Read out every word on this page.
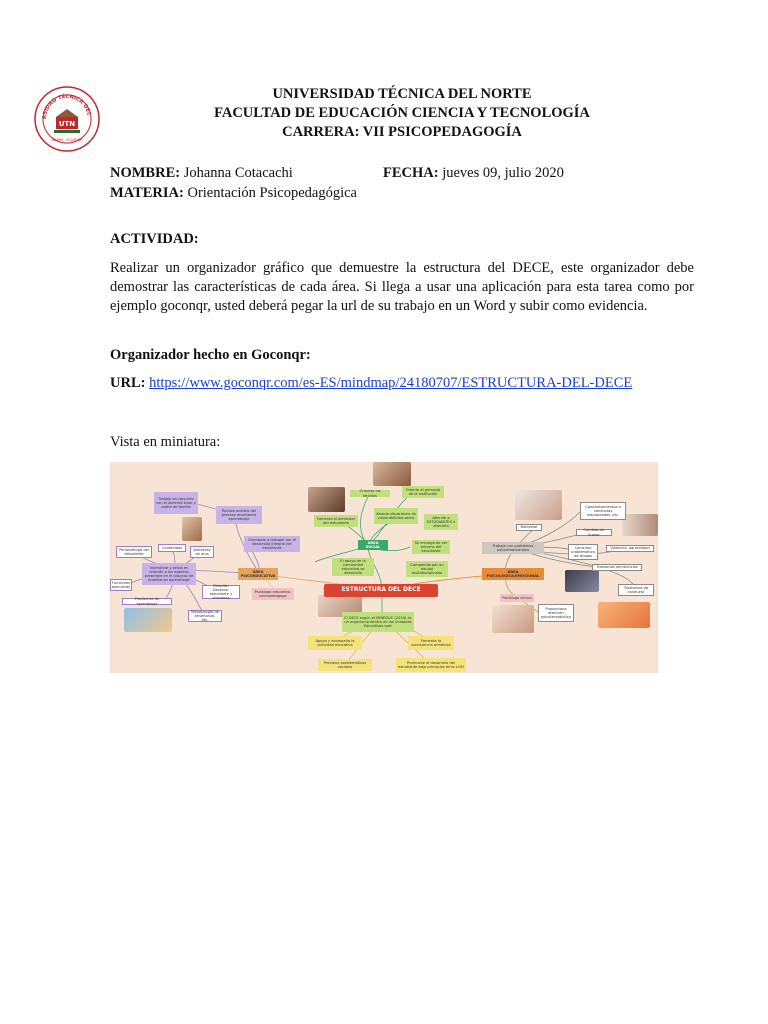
RSIDAD TÉCNICA DEL
UTN
IBARRA - ECUADOR
UNIVERSIDAD TÉCNICA DEL NORTE
FACULTAD DE EDUCACIÓN CIENCIA Y TECNOLOGÍA
CARRERA: VII PSICOPEDAGOGÍA
NOMBRE: Johanna Cotacachi
MATERIA: Orientación Psicopedagógica
FECHA: jueves 09, julio 2020
ACTIVIDAD:
Realizar un organizador gráfico que demuestre la estructura del DECE, este organizador debe demostrar las características de cada área. Si llega a usar una aplicación para esta tarea como por ejemplo goconqr, usted deberá pegar la url de su trabajo en un Word y subir como evidencia.
Organizador hecho en Goconqr:
URL: https://www.goconqr.com/es-ES/mindmap/24180707/ESTRUCTURA-DEL-DECE
Vista en miniatura:
ESTRUCTURA DEL DECE
ÁREA SOCIAL
ÁREA PSICOEDUCATIVA
ÁREA PSICOLÓGICA/EMOCIONAL
Orientar las familias
Orienta al personal de la institución
Fomenta el bienestar del estudiante
Aborda situaciones de vulnerabilidad social	Atiende a ESTUDIANTES a atención
Se encarga de ver entorno del estudiante
El apoyo de la comunidad educativa se desarrolla
Compendio por un equipo multidisciplinario
Trabajo en conjunto con el docente tutor y padre de familia
Realiza análisis del proceso enseñanza aprendizaje
Orientado a trabajar por el desarrollo integral del estudiante
Personalidad del estudiante
Contenidos	Ambiente de aula
Interviene y actúa en relación a los agentes presentes en el proceso de enseñanza aprendizaje
Funciones ejecutivas	Relación Docente-estudiante y viceversa
Problemas de aprendizaje
Metodología de enseñanza, etc.
Psicólogo educativo, psicopedagogo
Trabaja con problemas psicoemocionales
Bienestar
Comportamientos o conductas inapropiadas, etc.
Cambios de humor
Consumo problemático de drogas
Violencia, agresividad
Trastornos alimenticios
Trastornos de conducta
Psicólogo clínico
Proporciona atención psicoterapéutica
El DECE según el MINEDUC (2016) es un organismo dentro de las Unidades Educativas que:
Apoya y acompaña la actividad educativa
Fomenta la convivencia armónica
Previene problemáticas sociales
Promueve el desarrollo del estudiante bajo principios de la LOEI
